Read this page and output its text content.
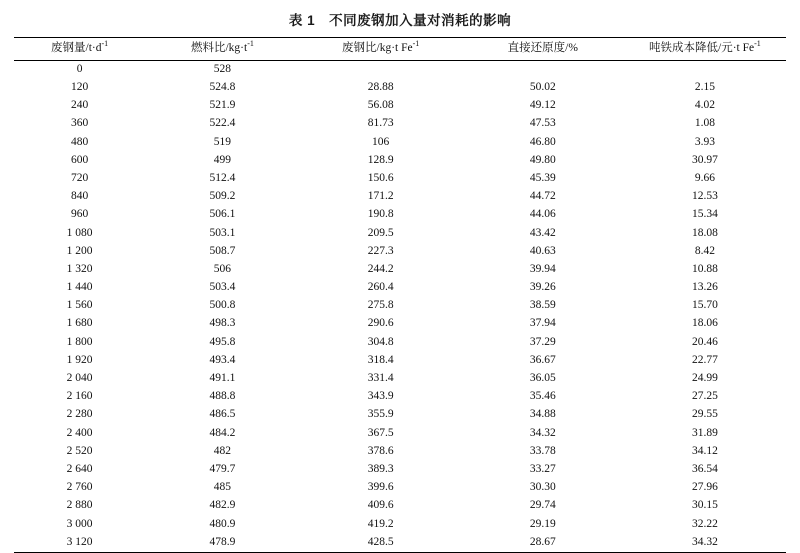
表 1 不同废钢加入量对消耗的影响
废钢量$/t\cdot d^{-1}$	燃料比$/kg\cdot t^{-1}$	废钢比/kg·t $Fe^{-1}$	直接还原度/%	吨铁成本降低/元·t $Fe^{-1}$
0	528			
120	524.8	28.88	50.02	2.15
240	521.9	56.08	49.12	4.02
360	522.4	81.73	47.53	1.08
480	519	106	46.80	3.93
600	499	128.9	49.80	30.97
720	512.4	150.6	45.39	9.66
840	509.2	171.2	44.72	12.53
960	506.1	190.8	44.06	15.34
1 080	503.1	209.5	43.42	18.08
1 200	508.7	227.3	40.63	8.42
1 320	506	244.2	39.94	10.88
1 440	503.4	260.4	39.26	13.26
1 560	500.8	275.8	38.59	15.70
1 680	498.3	290.6	37.94	18.06
1 800	495.8	304.8	37.29	20.46
1 920	493.4	318.4	36.67	22.77
2 040	491.1	331.4	36.05	24.99
2 160	488.8	343.9	35.46	27.25
2 280	486.5	355.9	34.88	29.55
2 400	484.2	367.5	34.32	31.89
2 520	482	378.6	33.78	34.12
2 640	479.7	389.3	33.27	36.54
2 760	485	399.6	30.30	27.96
2 880	482.9	409.6	29.74	30.15
3 000	480.9	419.2	29.19	32.22
3 120	478.9	428.5	28.67	34.32
